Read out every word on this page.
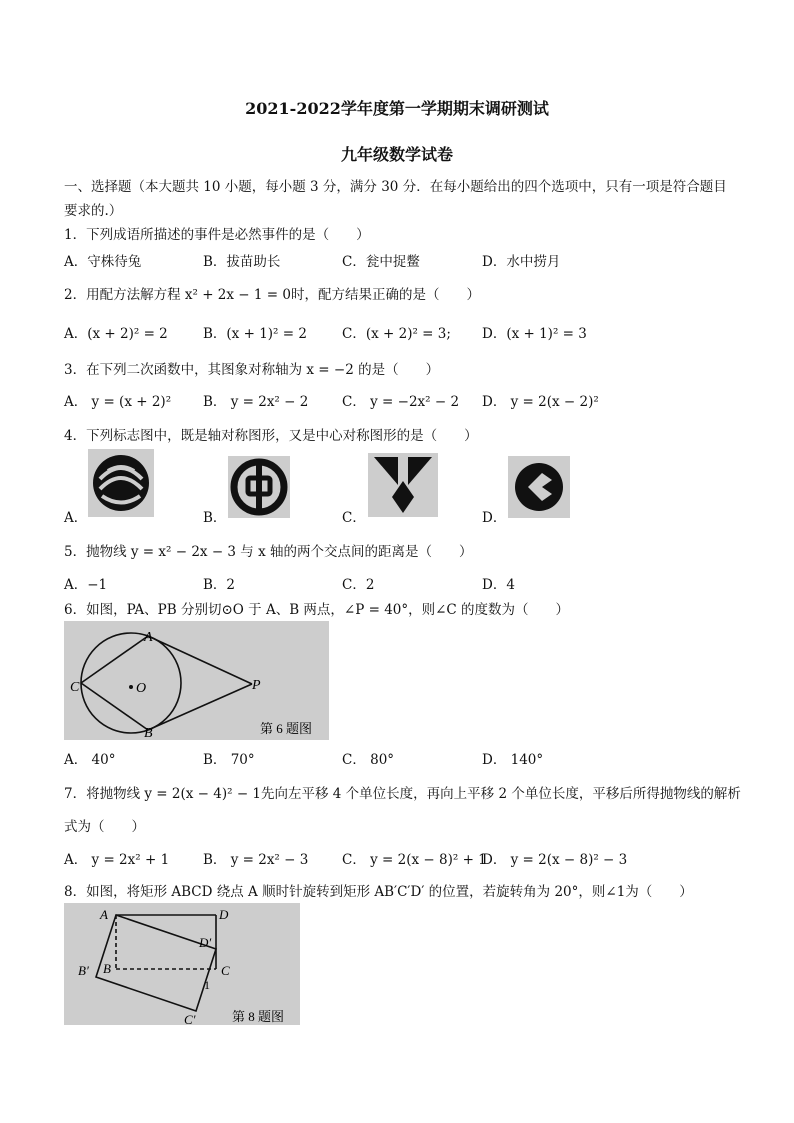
2021-2022学年度第一学期期末调研测试
九年级数学试卷
一、选择题（本大题共 10 小题，每小题 3 分，满分 30 分．在每小题给出的四个选项中，只有一项是符合题目
要求的.）
1．下列成语所描述的事件是必然事件的是（　　）
A．守株待兔	B．拔苗助长	C．瓮中捉鳖	D．水中捞月
2．用配方法解方程 x² + 2x − 1 = 0时，配方结果正确的是（　　）
A．(x + 2)² = 2	B．(x + 1)² = 2	C．(x + 2)² = 3; D．(x + 1)² = 3
3．在下列二次函数中，其图象对称轴为 x = −2 的是（　　）
A． y = (x + 2)² B． y = 2x² − 2 C． y = −2x² − 2 D． y = 2(x − 2)²
4．下列标志图中，既是轴对称图形，又是中心对称图形的是（　　）
A．	B．	C．	D．
5．抛物线 y = x² − 2x − 3 与 x 轴的两个交点间的距离是（　　）
A．−1	B．2	C．2	D．4
6．如图，PA、PB 分别切⊙O 于 A、B 两点，∠P = 40°，则∠C 的度数为（　　）
A
B
C	O	P
第 6 题图
A． 40°	B． 70°	C． 80°	D． 140°
7．将抛物线 y = 2(x − 4)² − 1先向左平移 4 个单位长度，再向上平移 2 个单位长度，平移后所得抛物线的解析
式为（　　）
A． y = 2x² + 1	B． y = 2x² − 3 C． y = 2(x − 8)² + 1
D． y = 2(x − 8)² − 3
8．如图，将矩形 ABCD 绕点 A 顺时针旋转到矩形 AB′C′D′ 的位置，若旋转角为 20°，则∠1为（　　）
A	D
D′
B′ B	C
1
C′	第 8 题图
